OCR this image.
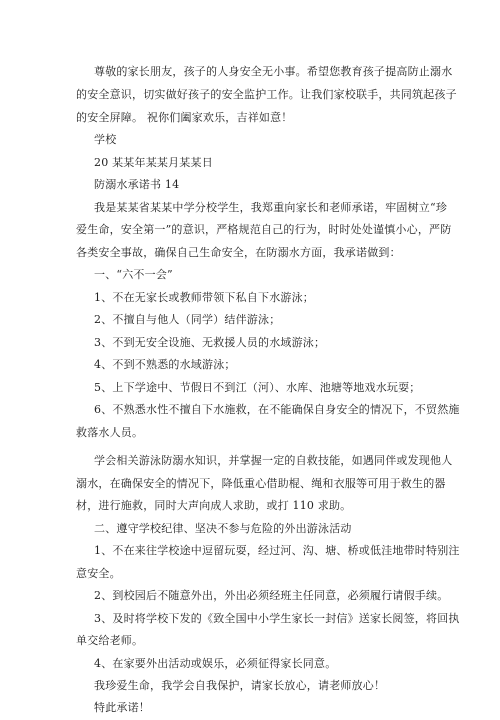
尊敬的家长朋友，孩子的人身安全无小事。希望您教育孩子提高防止溺水
的安全意识，切实做好孩子的安全监护工作。让我们家校联手，共同筑起孩子
的安全屏障。 祝你们阖家欢乐，吉祥如意！
学校
20 某某年某某月某某日
防溺水承诺书 14
我是某某省某某中学分校学生，我郑重向家长和老师承诺，牢固树立“珍
爱生命，安全第一”的意识，严格规范自己的行为，时时处处谨慎小心，严防
各类安全事故，确保自己生命安全，在防溺水方面，我承诺做到：
一、“六不一会”
1、不在无家长或教师带领下私自下水游泳；
2、不擅自与他人（同学）结伴游泳；
3、不到无安全设施、无救援人员的水域游泳；
4、不到不熟悉的水域游泳；
5、上下学途中、节假日不到江（河）、水库、池塘等地戏水玩耍；
6、不熟悉水性不擅自下水施救，在不能确保自身安全的情况下，不贸然施
救落水人员。
学会相关游泳防溺水知识，并掌握一定的自救技能，如遇同伴或发现他人
溺水，在确保安全的情况下，降低重心借助棍、绳和衣服等可用于救生的器
材，进行施救，同时大声向成人求助，或打 110 求助。
二、遵守学校纪律、坚决不参与危险的外出游泳活动
1、不在来往学校途中逗留玩耍，经过河、沟、塘、桥或低洼地带时特别注
意安全。
2、到校园后不随意外出，外出必须经班主任同意，必须履行请假手续。
3、及时将学校下发的《致全国中小学生家长一封信》送家长阅签，将回执
单交给老师。
4、在家要外出活动或娱乐，必须征得家长同意。
我珍爱生命，我学会自我保护，请家长放心，请老师放心！
特此承诺！
